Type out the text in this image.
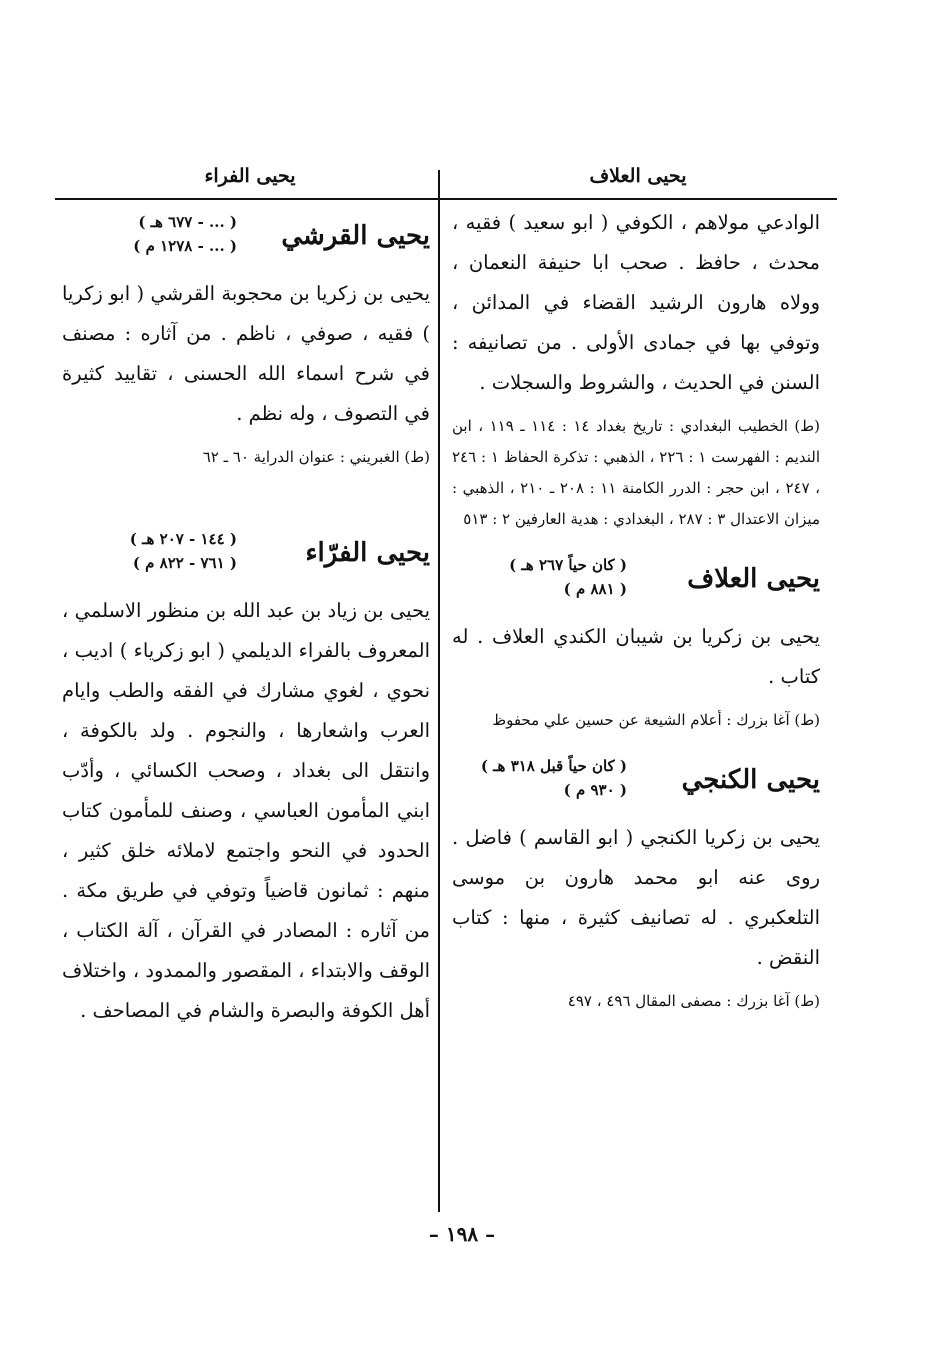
يحيى العلاف
يحيى الفراء

الوادعي مولاهم ، الكوفي ( ابو سعيد ) فقيه ، محدث ، حافظ . صحب ابا حنيفة النعمان ، وولاه هارون الرشيد القضاء في المدائن ، وتوفي بها في جمادى الأولى . من تصانيفه : السنن في الحديث ، والشروط والسجلات .

(ط) الخطيب البغدادي : تاريخ بغداد ١٤ : ١١٤ ـ ١١٩ ، ابن النديم : الفهرست ١ : ٢٢٦ ، الذهبي : تذكرة الحفاظ ١ : ٢٤٦ ، ٢٤٧ ، ابن حجر : الدرر الكامنة ١١ : ٢٠٨ ـ ٢١٠ ، الذهبي : ميزان الاعتدال ٣ : ٢٨٧ ، البغدادي : هدية العارفين ٢ : ٥١٣

يحيى العلاف
( كان حياً ٢٦٧ هـ )
( ٨٨١ م )

يحيى بن زكريا بن شيبان الكندي العلاف . له كتاب .

(ط) آغا بزرك : أعلام الشيعة عن حسين علي محفوظ

يحيى الكنجي
( كان حياً قبل ٣١٨ هـ )
( ٩٣٠ م )

يحيى بن زكريا الكنجي ( ابو القاسم ) فاضل . روى عنه ابو محمد هارون بن موسى التلعكبري . له تصانيف كثيرة ، منها : كتاب النقض .

(ط) آغا بزرك : مصفى المقال ٤٩٦ ، ٤٩٧

يحيى القرشي
( ... - ٦٧٧ هـ )
( ... - ١٢٧٨ م )

يحيى بن زكريا بن محجوبة القرشي ( ابو زكريا ) فقيه ، صوفي ، ناظم . من آثاره : مصنف في شرح اسماء الله الحسنى ، تقاييد كثيرة في التصوف ، وله نظم .

(ط) الغبريني : عنوان الدراية ٦٠ ـ ٦٢

يحيى الفرّاء
( ١٤٤ - ٢٠٧ هـ )
( ٧٦١ - ٨٢٢ م )

يحيى بن زياد بن عبد الله بن منظور الاسلمي ، المعروف بالفراء الديلمي ( ابو زكرياء ) اديب ، نحوي ، لغوي مشارك في الفقه والطب وايام العرب واشعارها ، والنجوم . ولد بالكوفة ، وانتقل الى بغداد ، وصحب الكسائي ، وأدّب ابني المأمون العباسي ، وصنف للمأمون كتاب الحدود في النحو واجتمع لاملائه خلق كثير ، منهم : ثمانون قاضياً وتوفي في طريق مكة . من آثاره : المصادر في القرآن ، آلة الكتاب ، الوقف والابتداء ، المقصور والممدود ، واختلاف أهل الكوفة والبصرة والشام في المصاحف .

– ١٩٨ –
